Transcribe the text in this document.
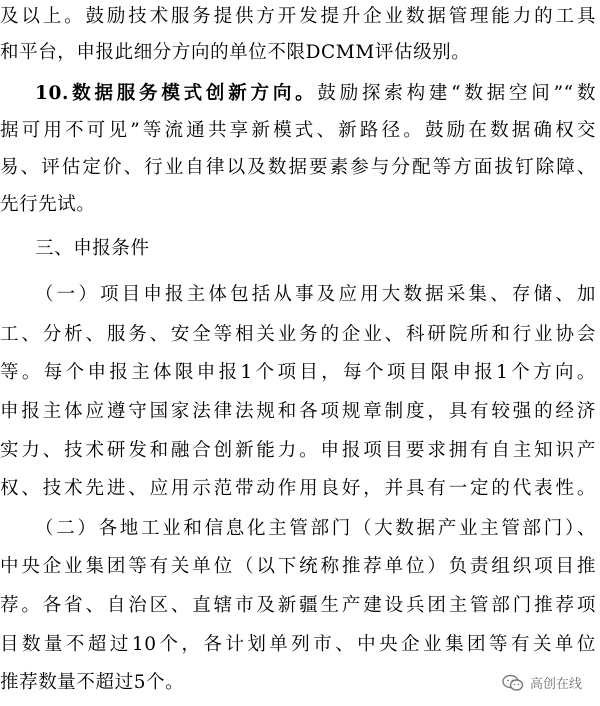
及以上。鼓励技术服务提供方开发提升企业数据管理能力的工具
和平台，申报此细分方向的单位不限DCMM评估级别。
10.数据服务模式创新方向。鼓励探索构建“数据空间”“数
据可用不可见”等流通共享新模式、新路径。鼓励在数据确权交
易、评估定价、行业自律以及数据要素参与分配等方面拔钉除障、
先行先试。
三、申报条件
（一）项目申报主体包括从事及应用大数据采集、存储、加
工、分析、服务、安全等相关业务的企业、科研院所和行业协会
等。每个申报主体限申报1个项目，每个项目限申报1个方向。
申报主体应遵守国家法律法规和各项规章制度，具有较强的经济
实力、技术研发和融合创新能力。申报项目要求拥有自主知识产
权、技术先进、应用示范带动作用良好，并具有一定的代表性。
（二）各地工业和信息化主管部门（大数据产业主管部门）、
中央企业集团等有关单位（以下统称推荐单位）负责组织项目推
荐。各省、自治区、直辖市及新疆生产建设兵团主管部门推荐项
目数量不超过10个，各计划单列市、中央企业集团等有关单位
推荐数量不超过5个。	高创在线
